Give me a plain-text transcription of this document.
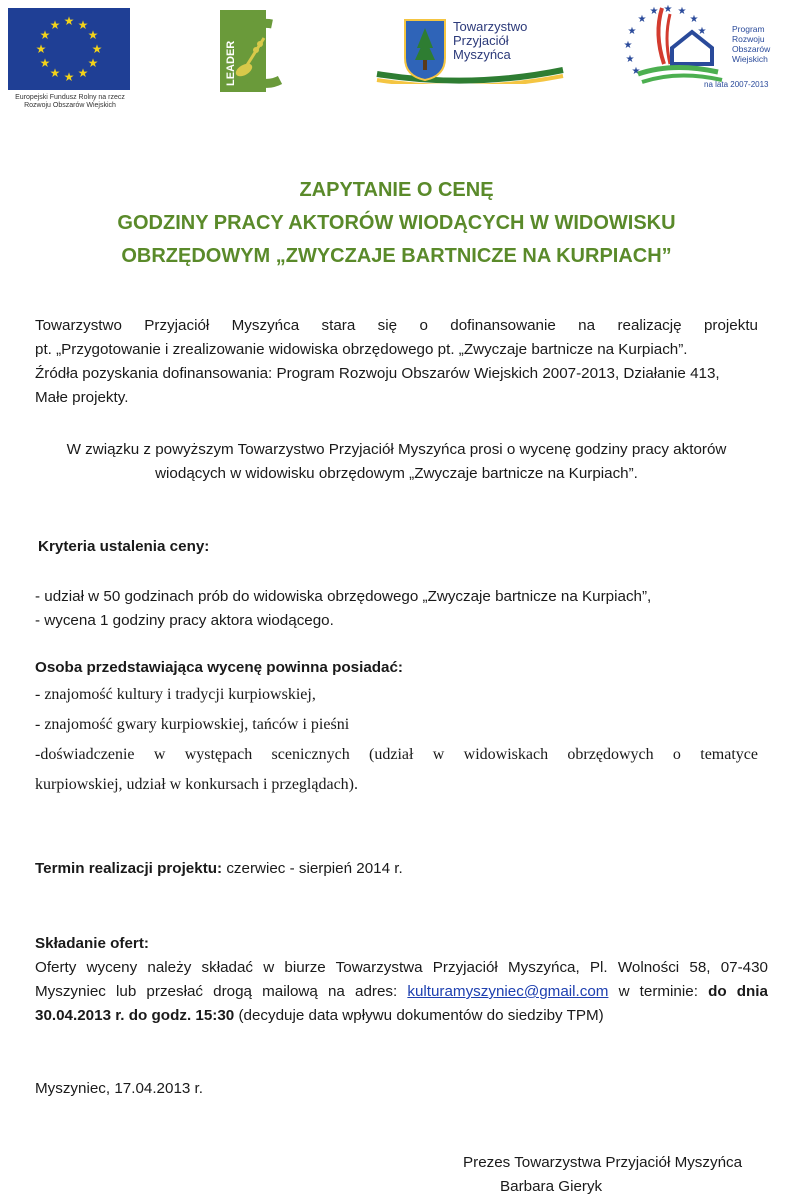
★ ★
★
★
★
★
★
★
★
★
★
★
Europejski Fundusz Rolny na rzecz
Rozwoju Obszarów Wiejskich
LEADER
Towarzystwo
Przyjaciół
Myszyńca
★
★ ★ ★
★
★
★
★
★
★
Program
Rozwoju
Obszarów
Wiejskich
na lata 2007-2013
ZAPYTANIE O CENĘ
GODZINY PRACY AKTORÓW WIODĄCYCH W WIDOWISKU
OBRZĘDOWYM „ZWYCZAJE BARTNICZE NA KURPIACH”
Towarzystwo Przyjaciół Myszyńca stara się o dofinansowanie na realizację projektu
pt. „Przygotowanie i zrealizowanie widowiska obrzędowego pt. „Zwyczaje bartnicze na Kurpiach”.
Źródła pozyskania dofinansowania: Program Rozwoju Obszarów Wiejskich 2007-2013, Działanie 413,
Małe projekty.
W związku z powyższym Towarzystwo Przyjaciół Myszyńca prosi o wycenę godziny pracy aktorów
wiodących w widowisku obrzędowym „Zwyczaje bartnicze na Kurpiach”.
Kryteria ustalenia ceny:
- udział w 50 godzinach prób do widowiska obrzędowego „Zwyczaje bartnicze na Kurpiach”,
- wycena 1 godziny pracy aktora wiodącego.
Osoba przedstawiająca wycenę powinna posiadać:
- znajomość kultury i tradycji kurpiowskiej,
- znajomość gwary kurpiowskiej, tańców i pieśni
-doświadczenie w występach scenicznych (udział w widowiskach obrzędowych o tematyce
kurpiowskiej, udział w konkursach i przeglądach).
Termin realizacji projektu: czerwiec - sierpień 2014 r.
Składanie ofert:
Oferty wyceny należy składać w biurze Towarzystwa Przyjaciół Myszyńca, Pl. Wolności 58, 07-430
Myszyniec lub przesłać drogą mailową na adres: kulturamyszyniec@gmail.com w terminie: do dnia
30.04.2013 r. do godz. 15:30 (decyduje data wpływu dokumentów do siedziby TPM)
Myszyniec, 17.04.2013 r.
Prezes Towarzystwa Przyjaciół Myszyńca
Barbara Gieryk
